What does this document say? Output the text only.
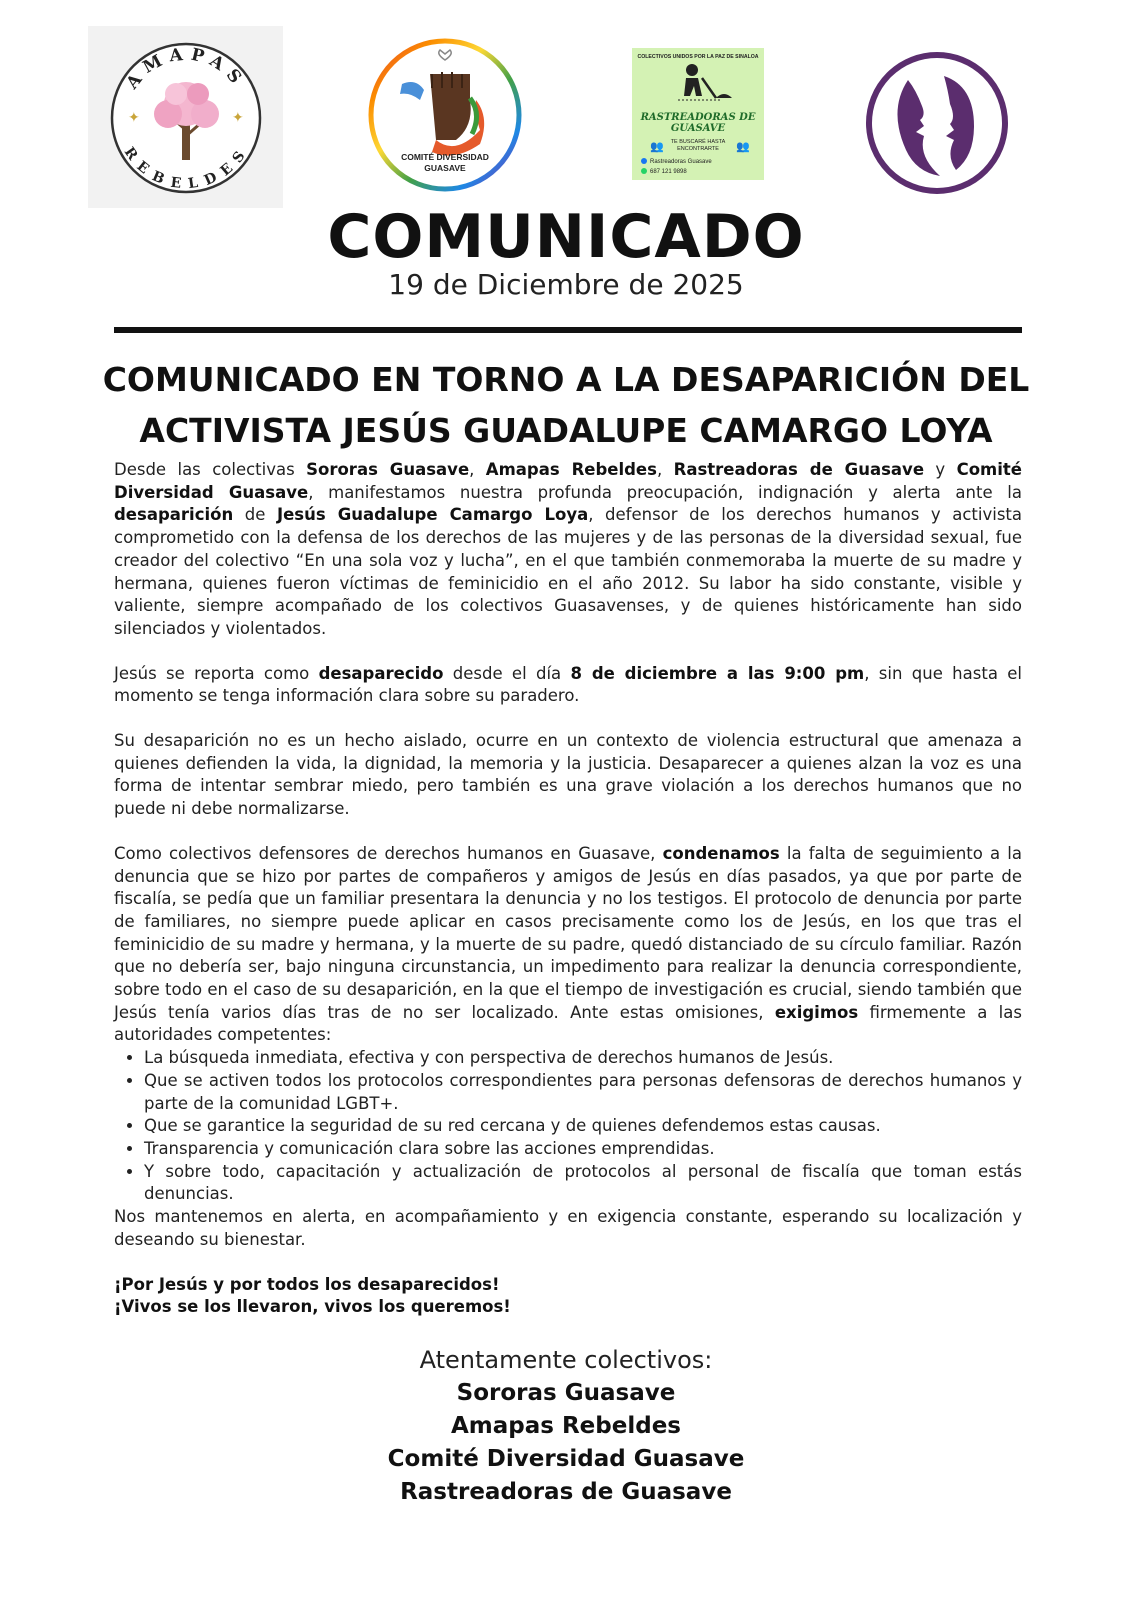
AMAPAS
REBELDES
✦	✦
COMITÉ DIVERSIDAD
GUASAVE
COLECTIVOS UNIDOS POR LA PAZ DE SINALOA
RASTREADORAS DE
GUASAVE
TE BUSCARÉ HASTA
ENCONTRARTE
👥	👥
Rastreadoras Guasave
687 121 9898
COMUNICADO
19 de Diciembre de 2025
COMUNICADO EN TORNO A LA DESAPARICIÓN DEL
ACTIVISTA JESÚS GUADALUPE CAMARGO LOYA

Desde las colectivas Sororas Guasave, Amapas Rebeldes, Rastreadoras de Guasave y Comité Diversidad Guasave, manifestamos nuestra profunda preocupación, indignación y alerta ante la desaparición de Jesús Guadalupe Camargo Loya, defensor de los derechos humanos y activista comprometido con la defensa de los derechos de las mujeres y de las personas de la diversidad sexual, fue creador del colectivo “En una sola voz y lucha”, en el que también conmemoraba la muerte de su madre y hermana, quienes fueron víctimas de feminicidio en el año 2012. Su labor ha sido constante, visible y valiente, siempre acompañado de los colectivos Guasavenses, y de quienes históricamente han sido silenciados y violentados.

Jesús se reporta como desaparecido desde el día 8 de diciembre a las 9:00 pm, sin que hasta el momento se tenga información clara sobre su paradero.

Su desaparición no es un hecho aislado, ocurre en un contexto de violencia estructural que amenaza a quienes defienden la vida, la dignidad, la memoria y la justicia. Desaparecer a quienes alzan la voz es una forma de intentar sembrar miedo, pero también es una grave violación a los derechos humanos que no puede ni debe normalizarse.

Como colectivos defensores de derechos humanos en Guasave, condenamos la falta de seguimiento a la denuncia que se hizo por partes de compañeros y amigos de Jesús en días pasados, ya que por parte de fiscalía, se pedía que un familiar presentara la denuncia y no los testigos. El protocolo de denuncia por parte de familiares, no siempre puede aplicar en casos precisamente como los de Jesús, en los que tras el feminicidio de su madre y hermana, y la muerte de su padre, quedó distanciado de su círculo familiar. Razón que no debería ser, bajo ninguna circunstancia, un impedimento para realizar la denuncia correspondiente, sobre todo en el caso de su desaparición, en la que el tiempo de investigación es crucial, siendo también que Jesús tenía varios días tras de no ser localizado. Ante estas omisiones, exigimos firmemente a las autoridades competentes:

• La búsqueda inmediata, efectiva y con perspectiva de derechos humanos de Jesús.
• Que se activen todos los protocolos correspondientes para personas defensoras de derechos humanos y parte de la comunidad LGBT+.
• Que se garantice la seguridad de su red cercana y de quienes defendemos estas causas.
• Transparencia y comunicación clara sobre las acciones emprendidas.
• Y sobre todo, capacitación y actualización de protocolos al personal de fiscalía que toman estás denuncias.

Nos mantenemos en alerta, en acompañamiento y en exigencia constante, esperando su localización y deseando su bienestar.

¡Por Jesús y por todos los desaparecidos!
¡Vivos se los llevaron, vivos los queremos!
Atentamente colectivos:
Sororas Guasave
Amapas Rebeldes
Comité Diversidad Guasave
Rastreadoras de Guasave
